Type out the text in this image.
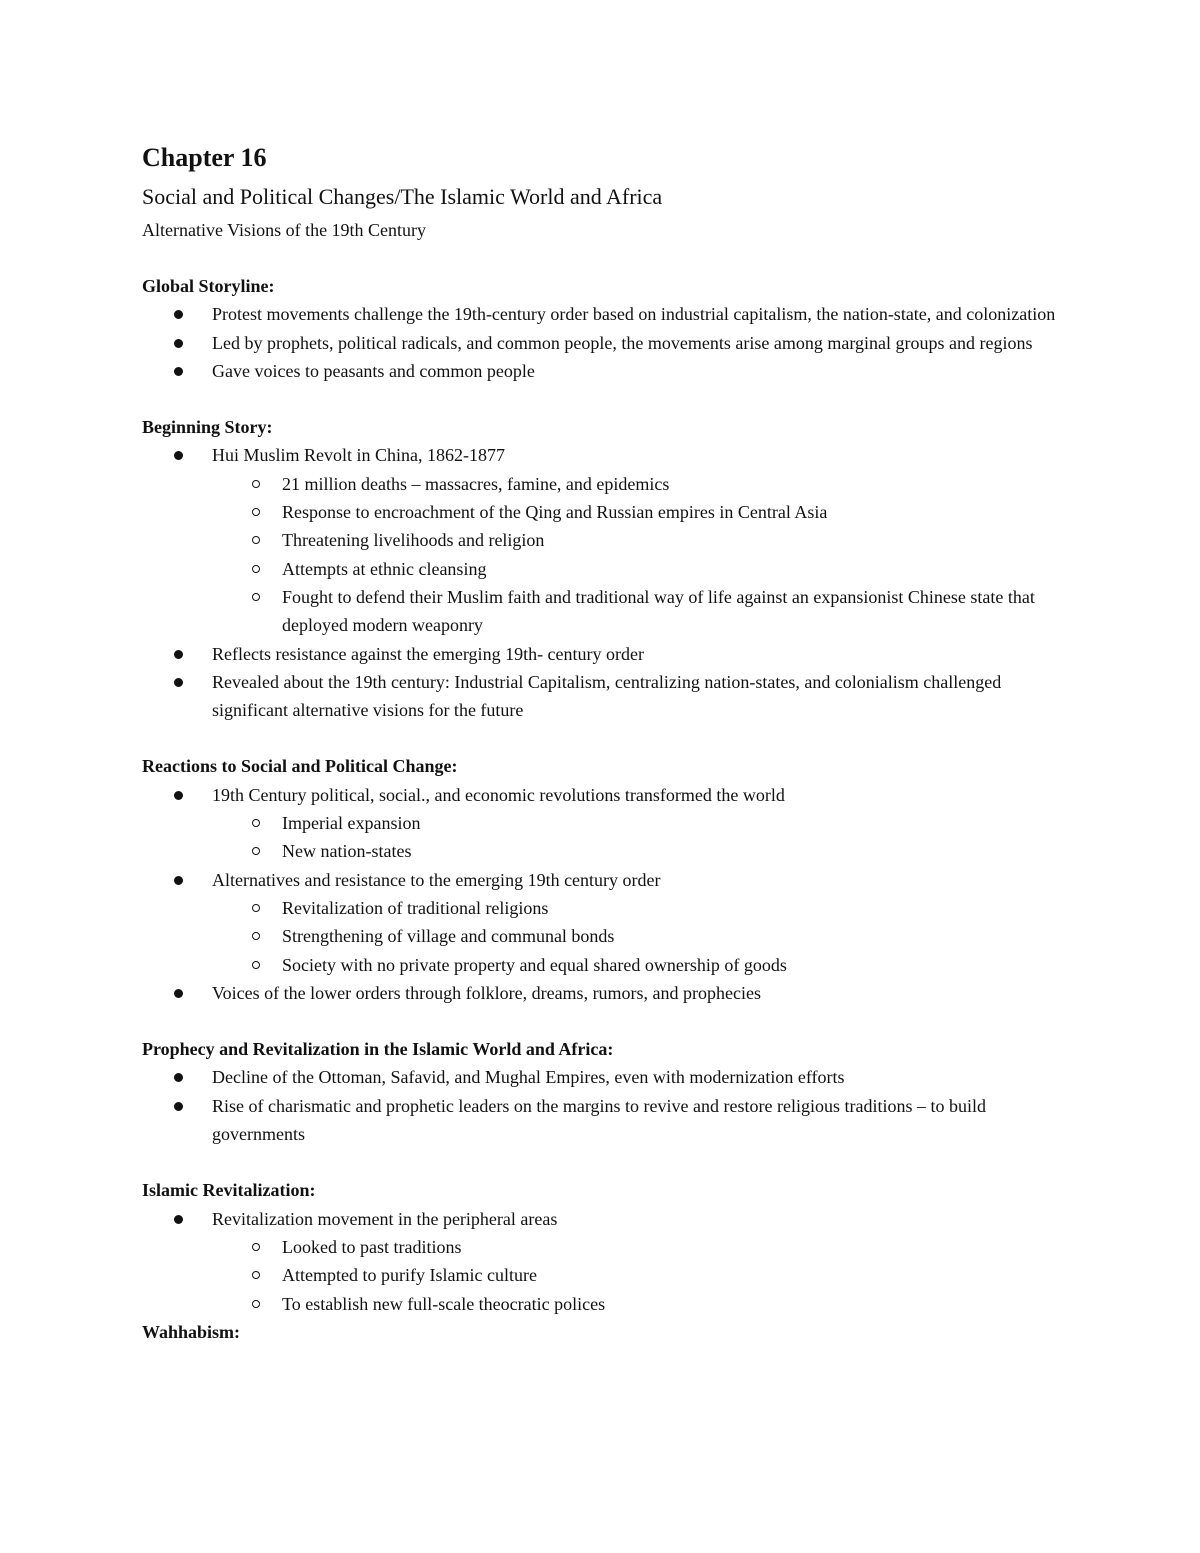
Chapter 16
Social and Political Changes/The Islamic World and Africa

Alternative Visions of the 19th Century

Global Storyline:

Protest movements challenge the 19th-century order based on industrial capitalism, the nation-state, and colonization
Led by prophets, political radicals, and common people, the movements arise among marginal groups and regions
Gave voices to peasants and common people

Beginning Story:

Hui Muslim Revolt in China, 1862-1877
21 million deaths – massacres, famine, and epidemics
Response to encroachment of the Qing and Russian empires in Central Asia
Threatening livelihoods and religion
Attempts at ethnic cleansing
Fought to defend their Muslim faith and traditional way of life against an expansionist Chinese state that deployed modern weaponry
Reflects resistance against the emerging 19th- century order
Revealed about the 19th century: Industrial Capitalism, centralizing nation-states, and colonialism challenged significant alternative visions for the future

Reactions to Social and Political Change:

19th Century political, social., and economic revolutions transformed the world
Imperial expansion
New nation-states
Alternatives and resistance to the emerging 19th century order
Revitalization of traditional religions
Strengthening of village and communal bonds
Society with no private property and equal shared ownership of goods
Voices of the lower orders through folklore, dreams, rumors, and prophecies

Prophecy and Revitalization in the Islamic World and Africa:

Decline of the Ottoman, Safavid, and Mughal Empires, even with modernization efforts
Rise of charismatic and prophetic leaders on the margins to revive and restore religious traditions – to build governments

Islamic Revitalization:

Revitalization movement in the peripheral areas
Looked to past traditions
Attempted to purify Islamic culture
To establish new full-scale theocratic polices

Wahhabism:
